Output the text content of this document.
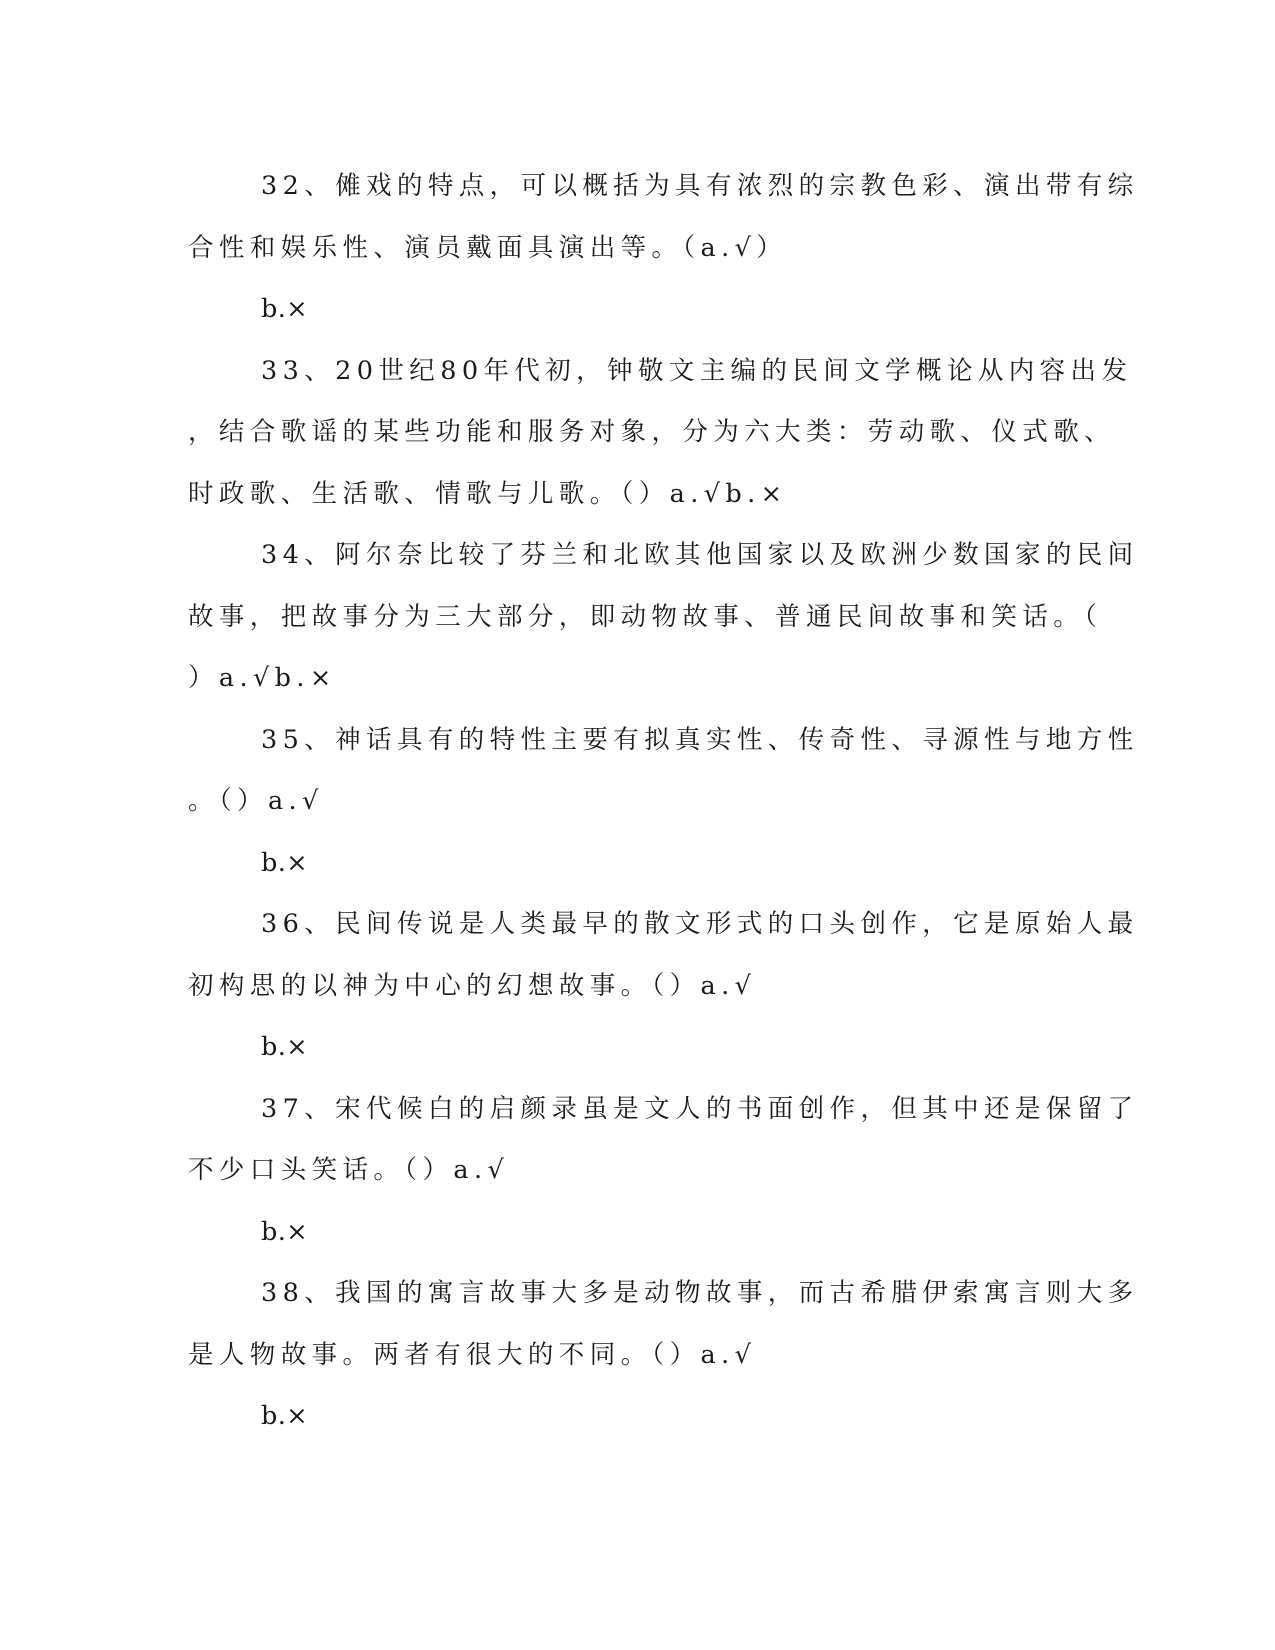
32、傩戏的特点，可以概括为具有浓烈的宗教色彩、演出带有综
合性和娱乐性、演员戴面具演出等。（a.√）
b.×
33、20世纪80年代初，钟敬文主编的民间文学概论从内容出发
，结合歌谣的某些功能和服务对象，分为六大类：劳动歌、仪式歌、
时政歌、生活歌、情歌与儿歌。（）a.√b.×
34、阿尔奈比较了芬兰和北欧其他国家以及欧洲少数国家的民间
故事，把故事分为三大部分，即动物故事、普通民间故事和笑话。（
）a.√b.×
35、神话具有的特性主要有拟真实性、传奇性、寻源性与地方性
。（）a.√
b.×
36、民间传说是人类最早的散文形式的口头创作，它是原始人最
初构思的以神为中心的幻想故事。（）a.√
b.×
37、宋代候白的启颜录虽是文人的书面创作，但其中还是保留了
不少口头笑话。（）a.√
b.×
38、我国的寓言故事大多是动物故事，而古希腊伊索寓言则大多
是人物故事。两者有很大的不同。（）a.√
b.×
